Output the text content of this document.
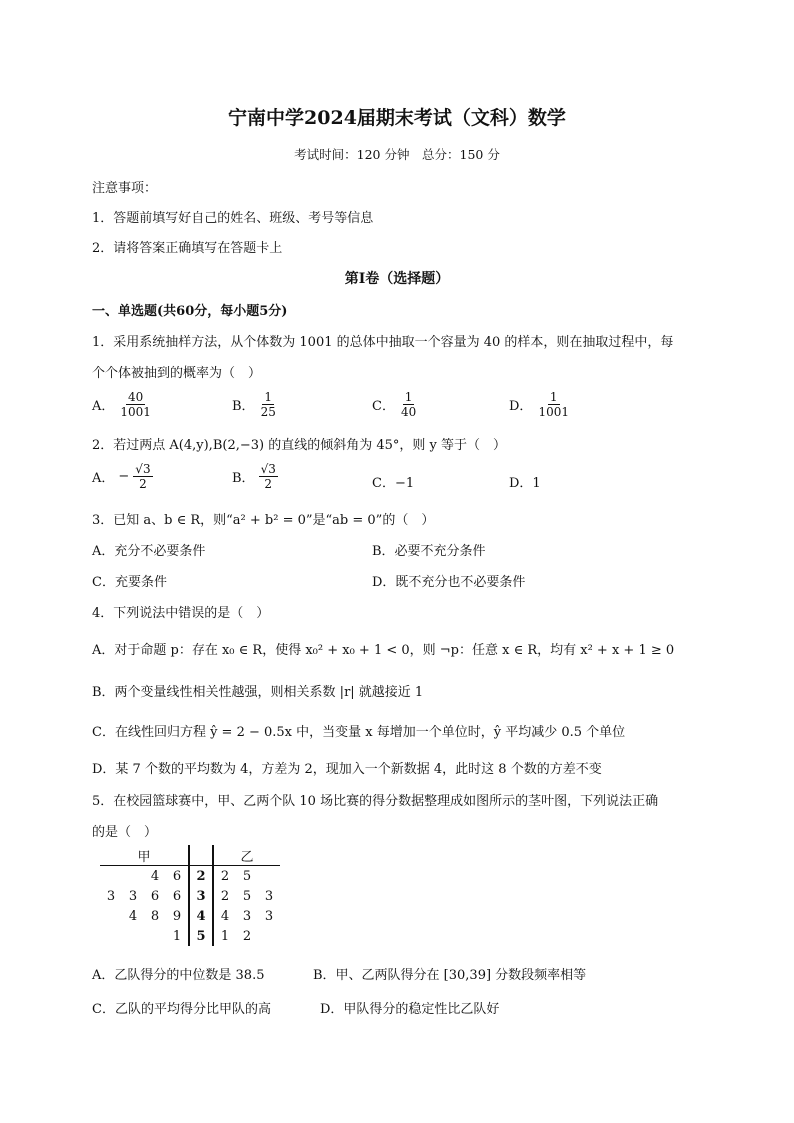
宁南中学2024届期末考试（文科）数学
考试时间：120 分钟　总分：150 分
注意事项：
1．答题前填写好自己的姓名、班级、考号等信息
2．请将答案正确填写在答题卡上
第Ⅰ卷（选择题）
一、单选题(共60分，每小题5分)
1．采用系统抽样方法，从个体数为 1001 的总体中抽取一个容量为 40 的样本，则在抽取过程中，每
个个体被抽到的概率为（　）
A． $\frac{40}{1001}$	B． $\frac{1}{25}$	C． $\frac{1}{40}$	D． $\frac{1}{1001}$
2．若过两点 A(4,y),B(2,−3) 的直线的倾斜角为 45°，则 y 等于（　）
A． − $\frac{√3}{2}$	B． $\frac{√3}{2}$	C．−1	D．1
3．已知 a、b ∈ R，则“a² + b² = 0”是“ab = 0”的（　）
A．充分不必要条件	B．必要不充分条件
C．充要条件	D．既不充分也不必要条件
4．下列说法中错误的是（　）
A．对于命题 p：存在 x₀ ∈ R，使得 x₀² + x₀ + 1 < 0，则 ¬p：任意 x ∈ R，均有 x² + x + 1 ≥ 0
B．两个变量线性相关性越强，则相关系数 |r| 就越接近 1
C．在线性回归方程 ŷ = 2 − 0.5x 中，当变量 x 每增加一个单位时，ŷ 平均减少 0.5 个单位
D．某 7 个数的平均数为 4，方差为 2，现加入一个新数据 4，此时这 8 个数的方差不变
5．在校园篮球赛中，甲、乙两个队 10 场比赛的得分数据整理成如图所示的茎叶图，下列说法正确
的是（　）
甲					乙		
		4	6	2	2	5	
3	3	6	6	3	2	5	3
	4	8	9	4	4	3	3
			1	5	1	2	
A．乙队得分的中位数是 38.5	B．甲、乙两队得分在 [30,39] 分数段频率相等
C．乙队的平均得分比甲队的高	D．甲队得分的稳定性比乙队好
